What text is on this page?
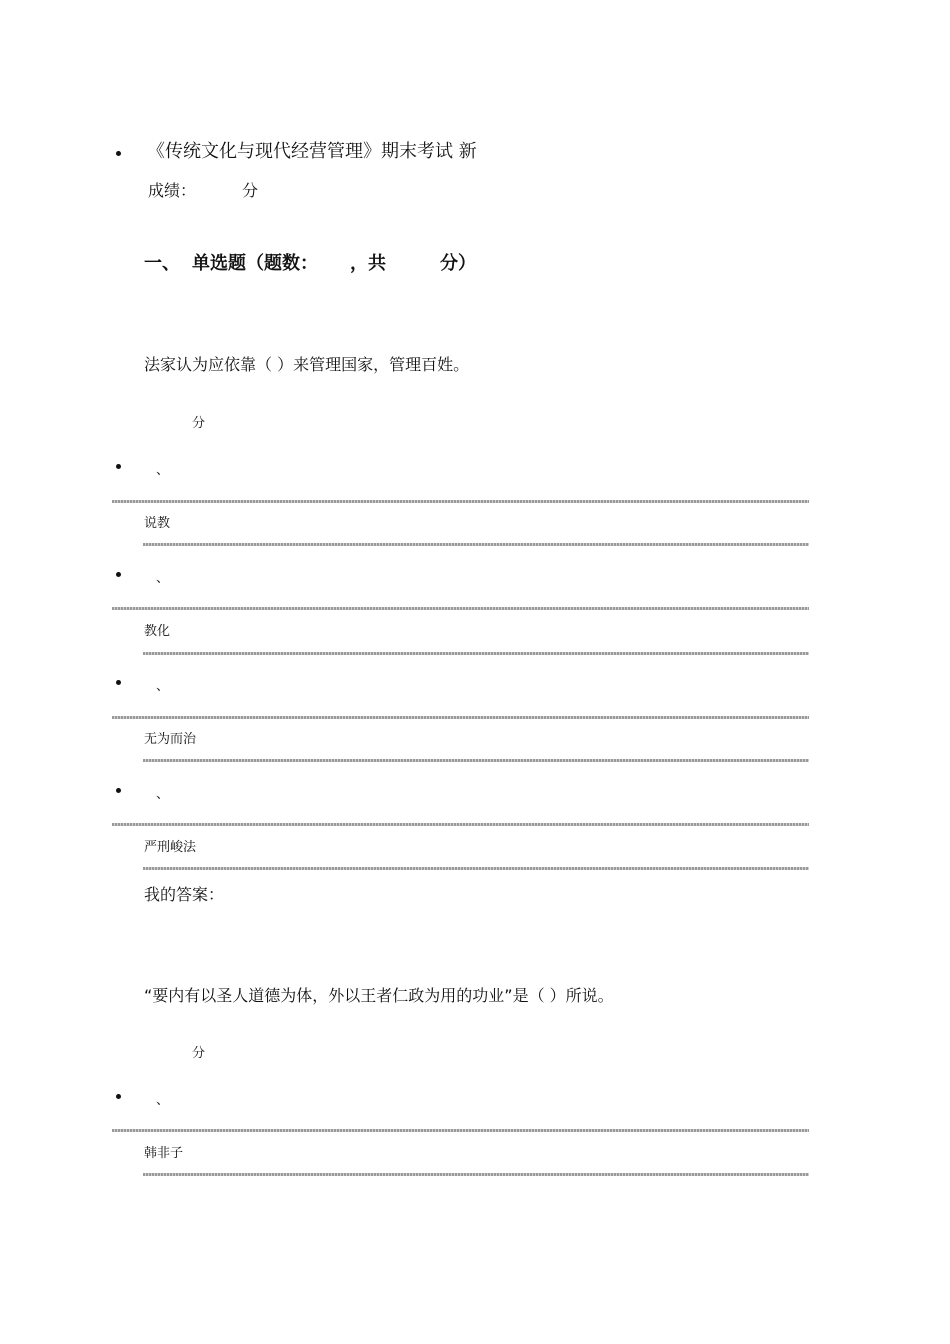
《传统文化与现代经营管理》期末考试 新
成绩：	分
一、 单选题（题数： ，共	分）
法家认为应依靠（ ）来管理国家，管理百姓。
分
、
说教
、
教化
、
无为而治
、
严刑峻法
我的答案：
“要内有以圣人道德为体，外以王者仁政为用的功业”是（ ）所说。
分
、
韩非子
